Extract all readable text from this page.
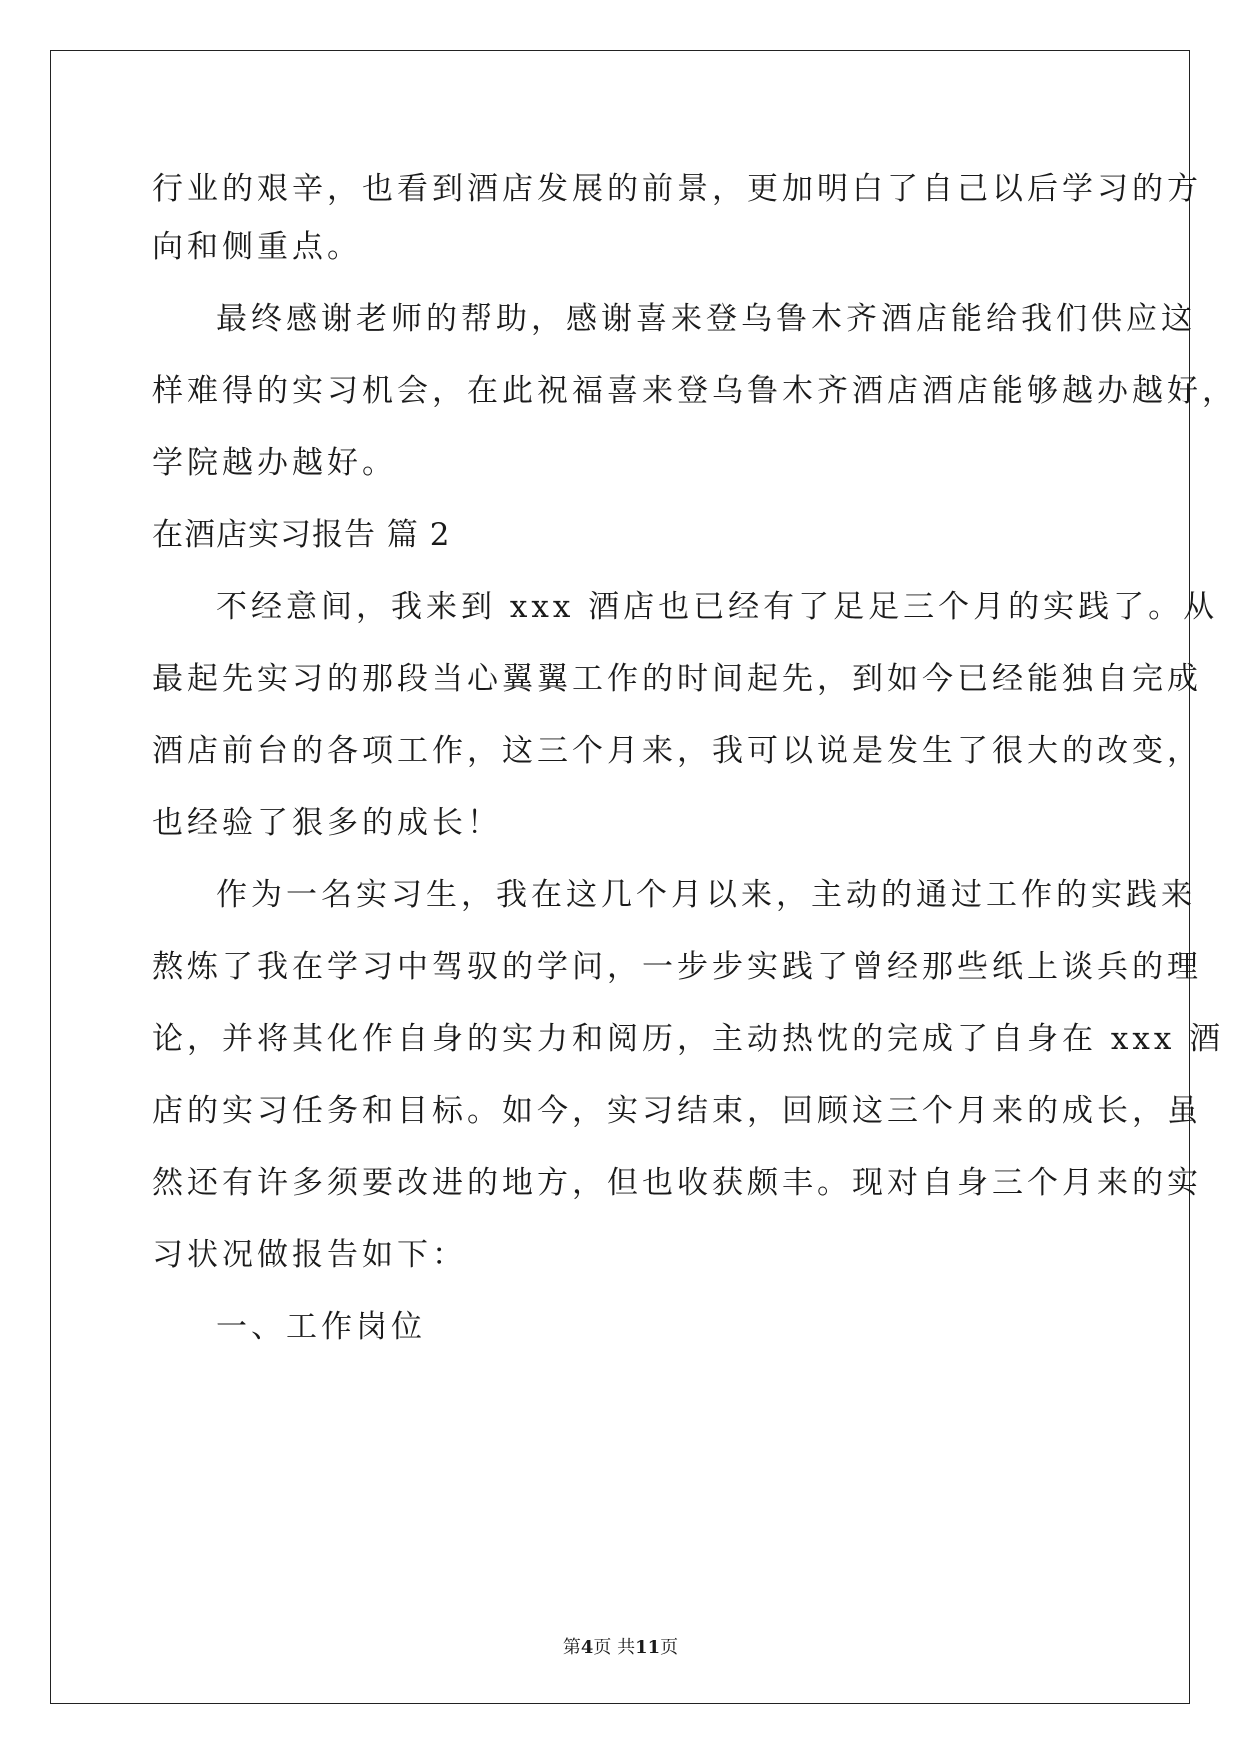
行业的艰辛，也看到酒店发展的前景，更加明白了自己以后学习的方
向和侧重点。
最终感谢老师的帮助，感谢喜来登乌鲁木齐酒店能给我们供应这
样难得的实习机会，在此祝福喜来登乌鲁木齐酒店酒店能够越办越好，
学院越办越好。
在酒店实习报告 篇 2
不经意间，我来到 xxx 酒店也已经有了足足三个月的实践了。从
最起先实习的那段当心翼翼工作的时间起先，到如今已经能独自完成
酒店前台的各项工作，这三个月来，我可以说是发生了很大的改变，
也经验了狠多的成长！
作为一名实习生，我在这几个月以来，主动的通过工作的实践来
熬炼了我在学习中驾驭的学问，一步步实践了曾经那些纸上谈兵的理
论，并将其化作自身的实力和阅历，主动热忱的完成了自身在 xxx 酒
店的实习任务和目标。如今，实习结束，回顾这三个月来的成长，虽
然还有许多须要改进的地方，但也收获颇丰。现对自身三个月来的实
习状况做报告如下：
一、工作岗位
第4页 共11页
